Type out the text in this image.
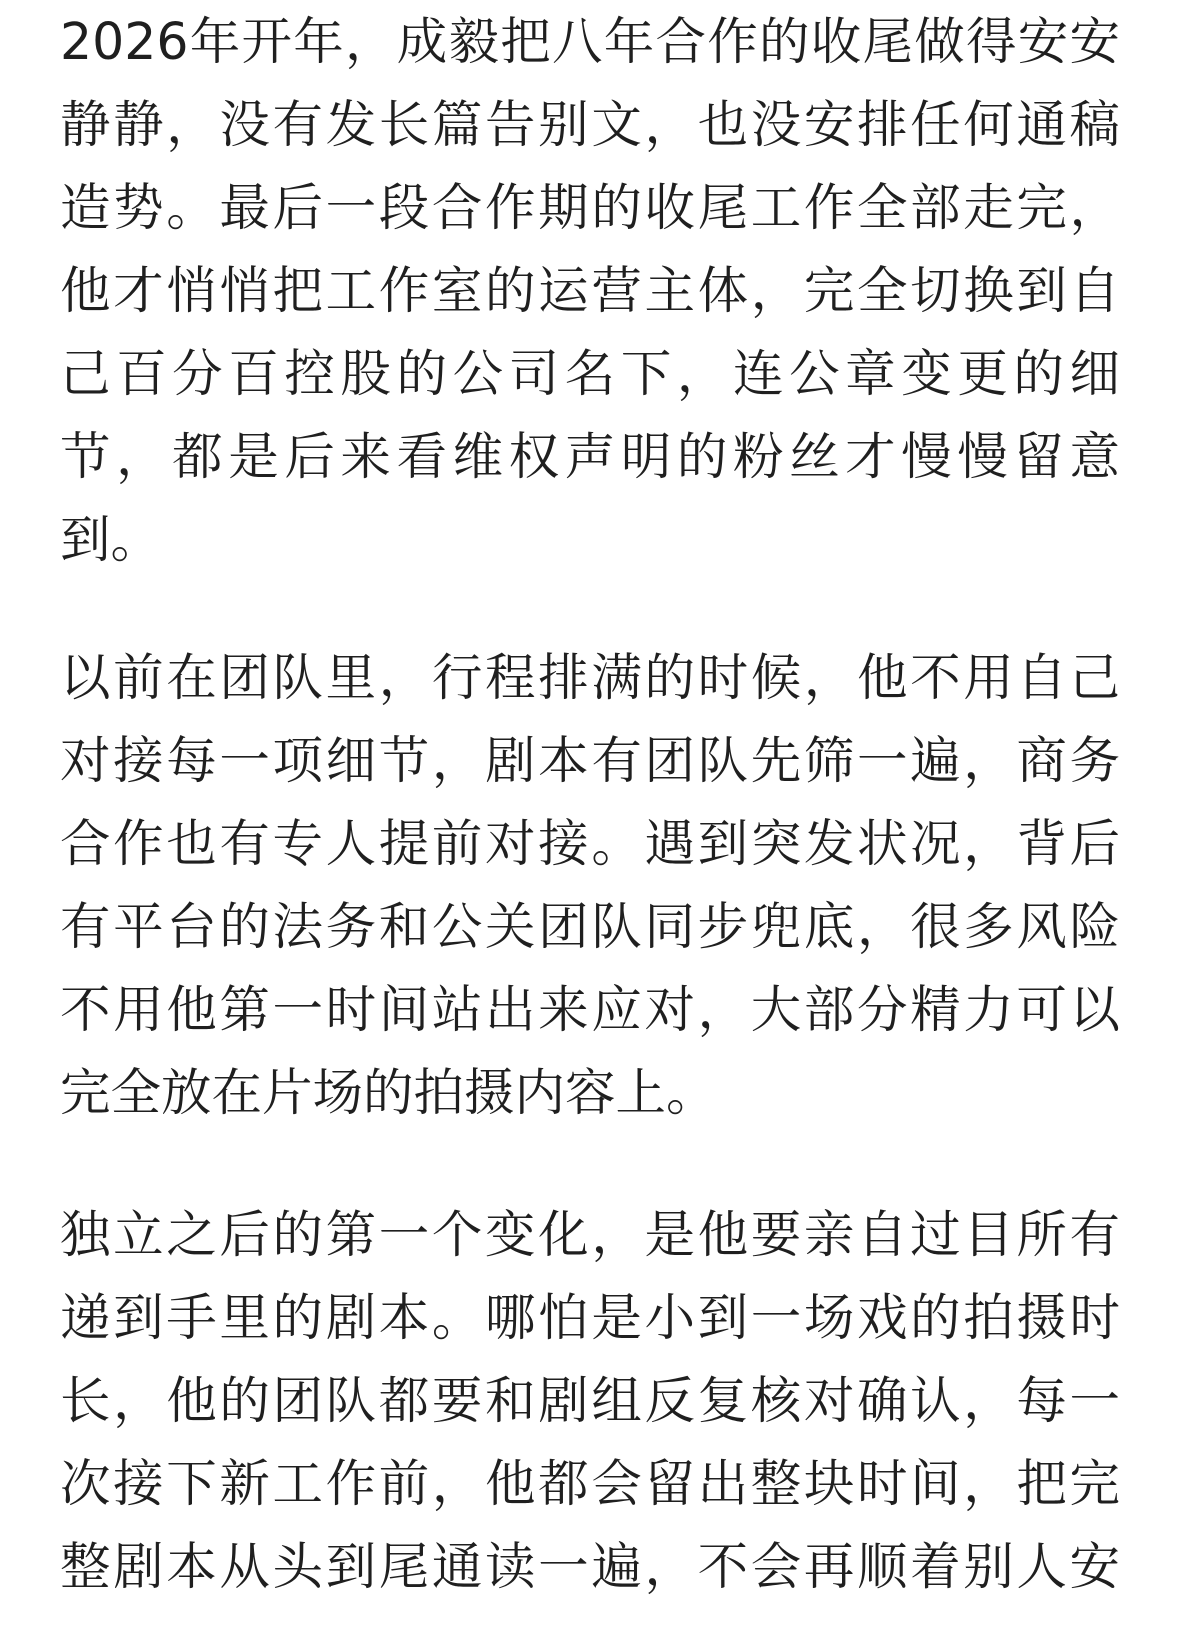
2026年开年，成毅把八年合作的收尾做得安安
静静，没有发长篇告别文，也没安排任何通稿
造势。最后一段合作期的收尾工作全部走完，
他才悄悄把工作室的运营主体，完全切换到自
己百分百控股的公司名下，连公章变更的细
节，都是后来看维权声明的粉丝才慢慢留意
到。
以前在团队里，行程排满的时候，他不用自己
对接每一项细节，剧本有团队先筛一遍，商务
合作也有专人提前对接。遇到突发状况，背后
有平台的法务和公关团队同步兜底，很多风险
不用他第一时间站出来应对，大部分精力可以
完全放在片场的拍摄内容上。
独立之后的第一个变化，是他要亲自过目所有
递到手里的剧本。哪怕是小到一场戏的拍摄时
长，他的团队都要和剧组反复核对确认，每一
次接下新工作前，他都会留出整块时间，把完
整剧本从头到尾通读一遍，不会再顺着别人安
